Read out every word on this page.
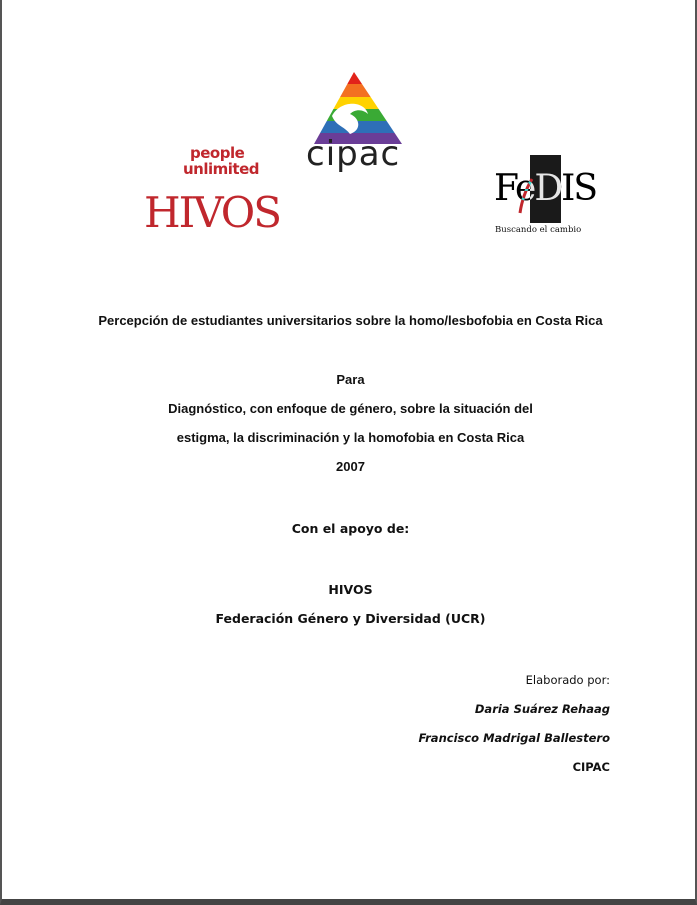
people
unlimited
HIVOS
cipac
FeDIS
Buscando el cambio
Percepción de estudiantes universitarios sobre la homo/lesbofobia en Costa Rica
Para
Diagnóstico, con enfoque de género, sobre la situación del
estigma, la discriminación y la homofobia en Costa Rica
2007
Con el apoyo de:
HIVOS
Federación Género y Diversidad (UCR)
Elaborado por:
Daria Suárez Rehaag
Francisco Madrigal Ballestero
CIPAC
